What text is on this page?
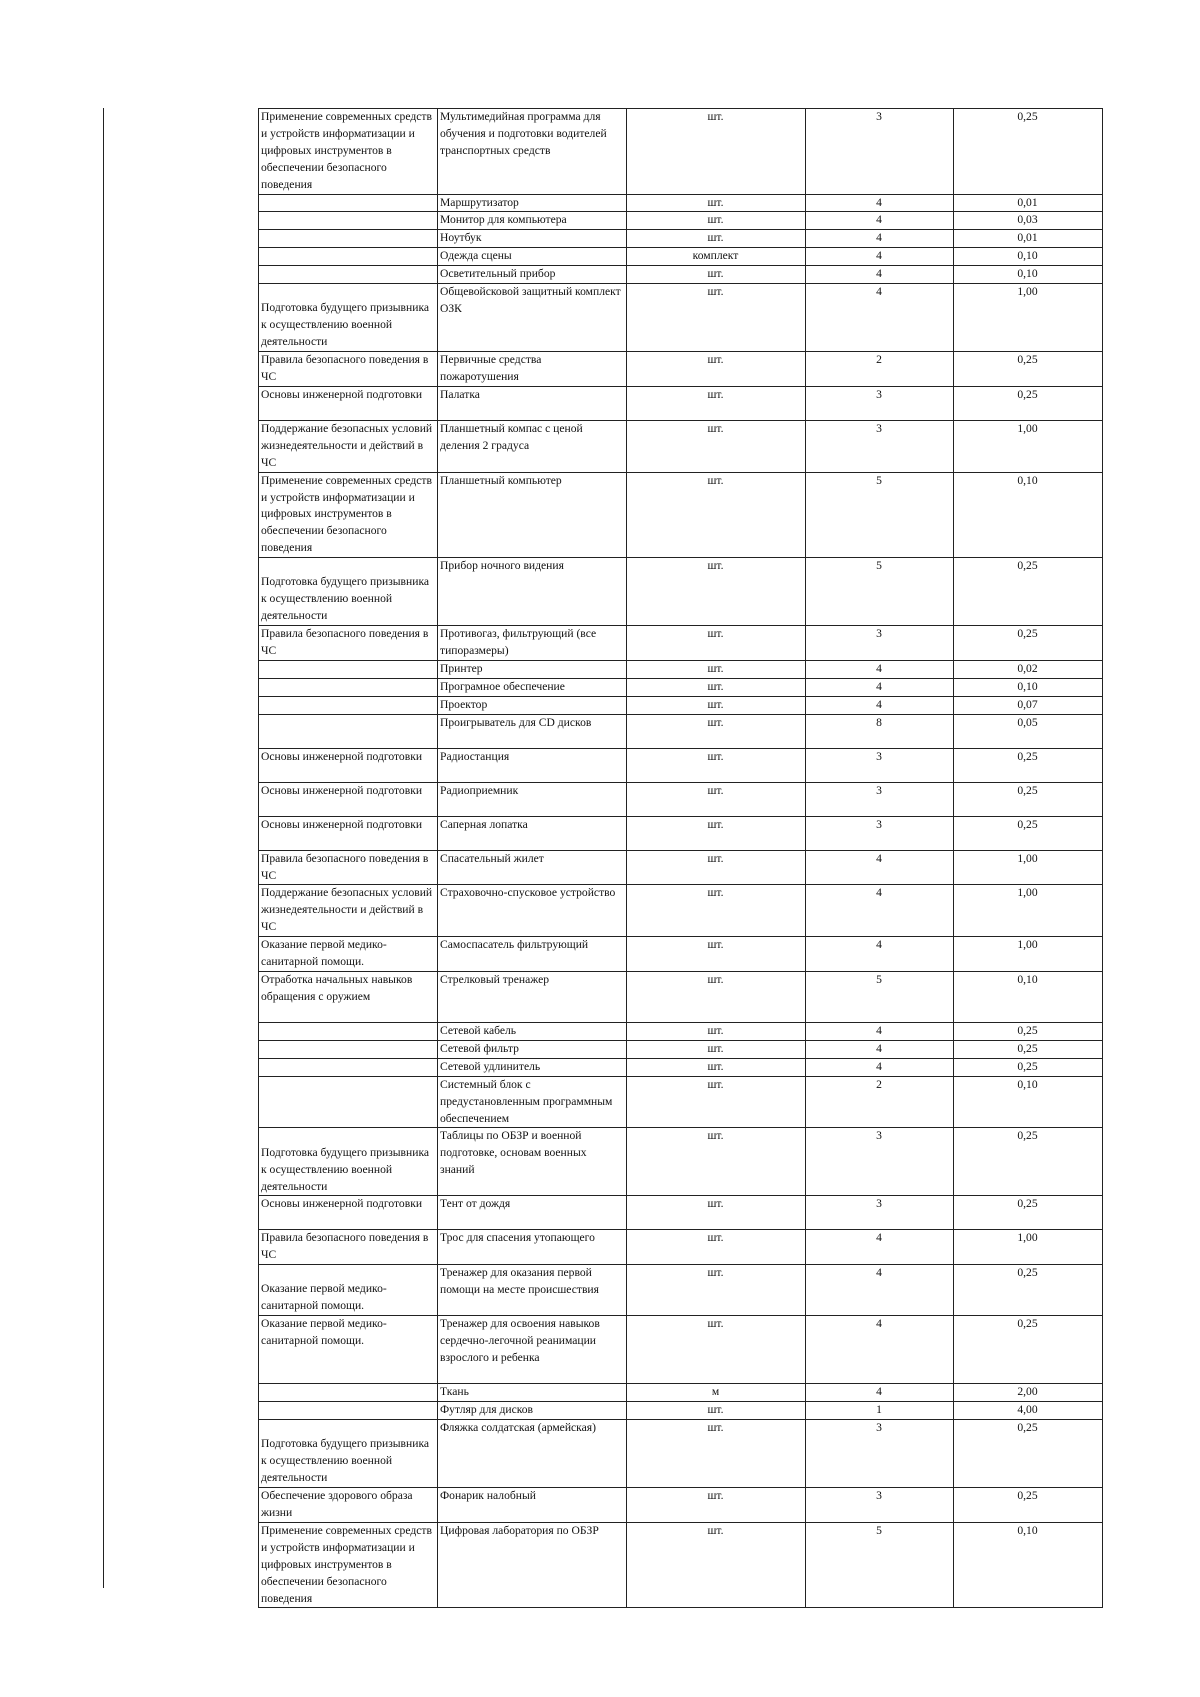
Применение современных средств и устройств информатизации и цифровых инструментов в обеспечении безопасного поведения	Мультимедийная программа для обучения и подготовки водителей транспортных средств	шт.	3	0,25
	Маршрутизатор	шт.	4	0,01
	Монитор для компьютера	шт.	4	0,03
	Ноутбук	шт.	4	0,01
	Одежда сцены	комплект	4	0,10
	Осветительный прибор	шт.	4	0,10
Подготовка будущего призывника к осуществлению военной деятельности	Общевойсковой защитный комплект ОЗК	шт.	4	1,00
Правила безопасного поведения в ЧС	Первичные средства пожаротушения	шт.	2	0,25
Основы инженерной подготовки	Палатка	шт.	3	0,25
Поддержание безопасных условий жизнедеятельности и действий в ЧС	Планшетный компас с ценой деления 2 градуса	шт.	3	1,00
Применение современных средств и устройств информатизации и цифровых инструментов в обеспечении безопасного поведения	Планшетный компьютер	шт.	5	0,10
Подготовка будущего призывника к осуществлению военной деятельности	Прибор ночного видения	шт.	5	0,25
Правила безопасного поведения в ЧС	Противогаз, фильтрующий (все типоразмеры)	шт.	3	0,25
	Принтер	шт.	4	0,02
	Програмное обеспечение	шт.	4	0,10
	Проектор	шт.	4	0,07
	Проигрыватель для CD дисков	шт.	8	0,05
Основы инженерной подготовки	Радиостанция	шт.	3	0,25
Основы инженерной подготовки	Радиоприемник	шт.	3	0,25
Основы инженерной подготовки	Саперная лопатка	шт.	3	0,25
Правила безопасного поведения в ЧС	Спасательный жилет	шт.	4	1,00
Поддержание безопасных условий жизнедеятельности и действий в ЧС	Страховочно-спусковое устройство	шт.	4	1,00
Оказание первой медико-санитарной помощи.	Самоспасатель фильтрующий	шт.	4	1,00
Отработка начальных навыков обращения с оружием	Стрелковый тренажер	шт.	5	0,10
	Сетевой кабель	шт.	4	0,25
	Сетевой фильтр	шт.	4	0,25
	Сетевой удлинитель	шт.	4	0,25
	Системный блок с предустановленным программным обеспечением	шт.	2	0,10
Подготовка будущего призывника к осуществлению военной деятельности	Таблицы по ОБЗР и военной подготовке, основам военных знаний	шт.	3	0,25
Основы инженерной подготовки	Тент от дождя	шт.	3	0,25
Правила безопасного поведения в ЧС	Трос для спасения утопающего	шт.	4	1,00
Оказание первой медико-санитарной помощи.	Тренажер для оказания первой помощи на месте происшествия	шт.	4	0,25
Оказание первой медико-санитарной помощи.	Тренажер для освоения навыков сердечно-легочной реанимации взрослого и ребенка	шт.	4	0,25
	Ткань	м	4	2,00
	Футляр для дисков	шт.	1	4,00
Подготовка будущего призывника к осуществлению военной деятельности	Фляжка солдатская (армейская)	шт.	3	0,25
Обеспечение здорового образа жизни	Фонарик налобный	шт.	3	0,25
Применение современных средств и устройств информатизации и цифровых инструментов в обеспечении безопасного поведения	Цифровая лаборатория по ОБЗР	шт.	5	0,10
